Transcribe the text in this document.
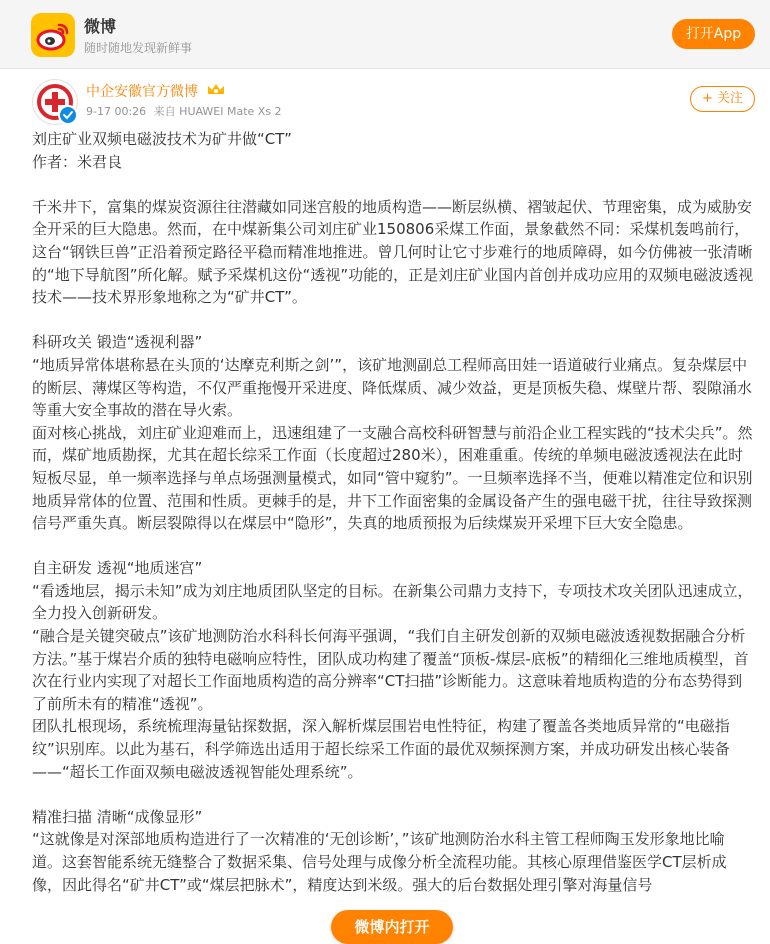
微博
随时随地发现新鲜事
打开App
中企安徽官方微博
9-17 00:26 来自 HUAWEI Mate Xs 2
+ 关注

刘庄矿业双频电磁波技术为矿井做“CT”

作者：米君良

千米井下，富集的煤炭资源往往潜藏如同迷宫般的地质构造——断层纵横、褶皱起伏、节理密集，成为威胁安全开采的巨大隐患。然而，在中煤新集公司刘庄矿业150806采煤工作面，景象截然不同：采煤机轰鸣前行，这台“钢铁巨兽”正沿着预定路径平稳而精准地推进。曾几何时让它寸步难行的地质障碍，如今仿佛被一张清晰的“地下导航图”所化解。赋予采煤机这份“透视”功能的，正是刘庄矿业国内首创并成功应用的双频电磁波透视技术——技术界形象地称之为“矿井CT”。

科研攻关 锻造“透视利器”

“地质异常体堪称悬在头顶的‘达摩克利斯之剑’”，该矿地测副总工程师高田娃一语道破行业痛点。复杂煤层中的断层、薄煤区等构造，不仅严重拖慢开采进度、降低煤质、减少效益，更是顶板失稳、煤壁片帮、裂隙涌水等重大安全事故的潜在导火索。

面对核心挑战，刘庄矿业迎难而上，迅速组建了一支融合高校科研智慧与前沿企业工程实践的“技术尖兵”。然而，煤矿地质勘探，尤其在超长综采工作面（长度超过280米），困难重重。传统的单频电磁波透视法在此时短板尽显，单一频率选择与单点场强测量模式，如同“管中窥豹”。一旦频率选择不当，便难以精准定位和识别地质异常体的位置、范围和性质。更棘手的是，井下工作面密集的金属设备产生的强电磁干扰，往往导致探测信号严重失真。断层裂隙得以在煤层中“隐形”，失真的地质预报为后续煤炭开采埋下巨大安全隐患。

自主研发 透视“地质迷宫”

“看透地层，揭示未知”成为刘庄地质团队坚定的目标。在新集公司鼎力支持下，专项技术攻关团队迅速成立，全力投入创新研发。

“融合是关键突破点”该矿地测防治水科科长何海平强调，“我们自主研发创新的双频电磁波透视数据融合分析方法。”基于煤岩介质的独特电磁响应特性，团队成功构建了覆盖“顶板-煤层-底板”的精细化三维地质模型，首次在行业内实现了对超长工作面地质构造的高分辨率“CT扫描”诊断能力。这意味着地质构造的分布态势得到了前所未有的精准“透视”。

团队扎根现场，系统梳理海量钻探数据，深入解析煤层围岩电性特征，构建了覆盖各类地质异常的“电磁指纹”识别库。以此为基石，科学筛选出适用于超长综采工作面的最优双频探测方案，并成功研发出核心装备——“超长工作面双频电磁波透视智能处理系统”。

精准扫描 清晰“成像显形”

“这就像是对深部地质构造进行了一次精准的‘无创诊断’，”该矿地测防治水科主管工程师陶玉发形象地比喻道。这套智能系统无缝整合了数据采集、信号处理与成像分析全流程功能。其核心原理借鉴医学CT层析成像，因此得名“矿井CT”或“煤层把脉术”，精度达到米级。强大的后台数据处理引擎对海量信号

微博内打开
